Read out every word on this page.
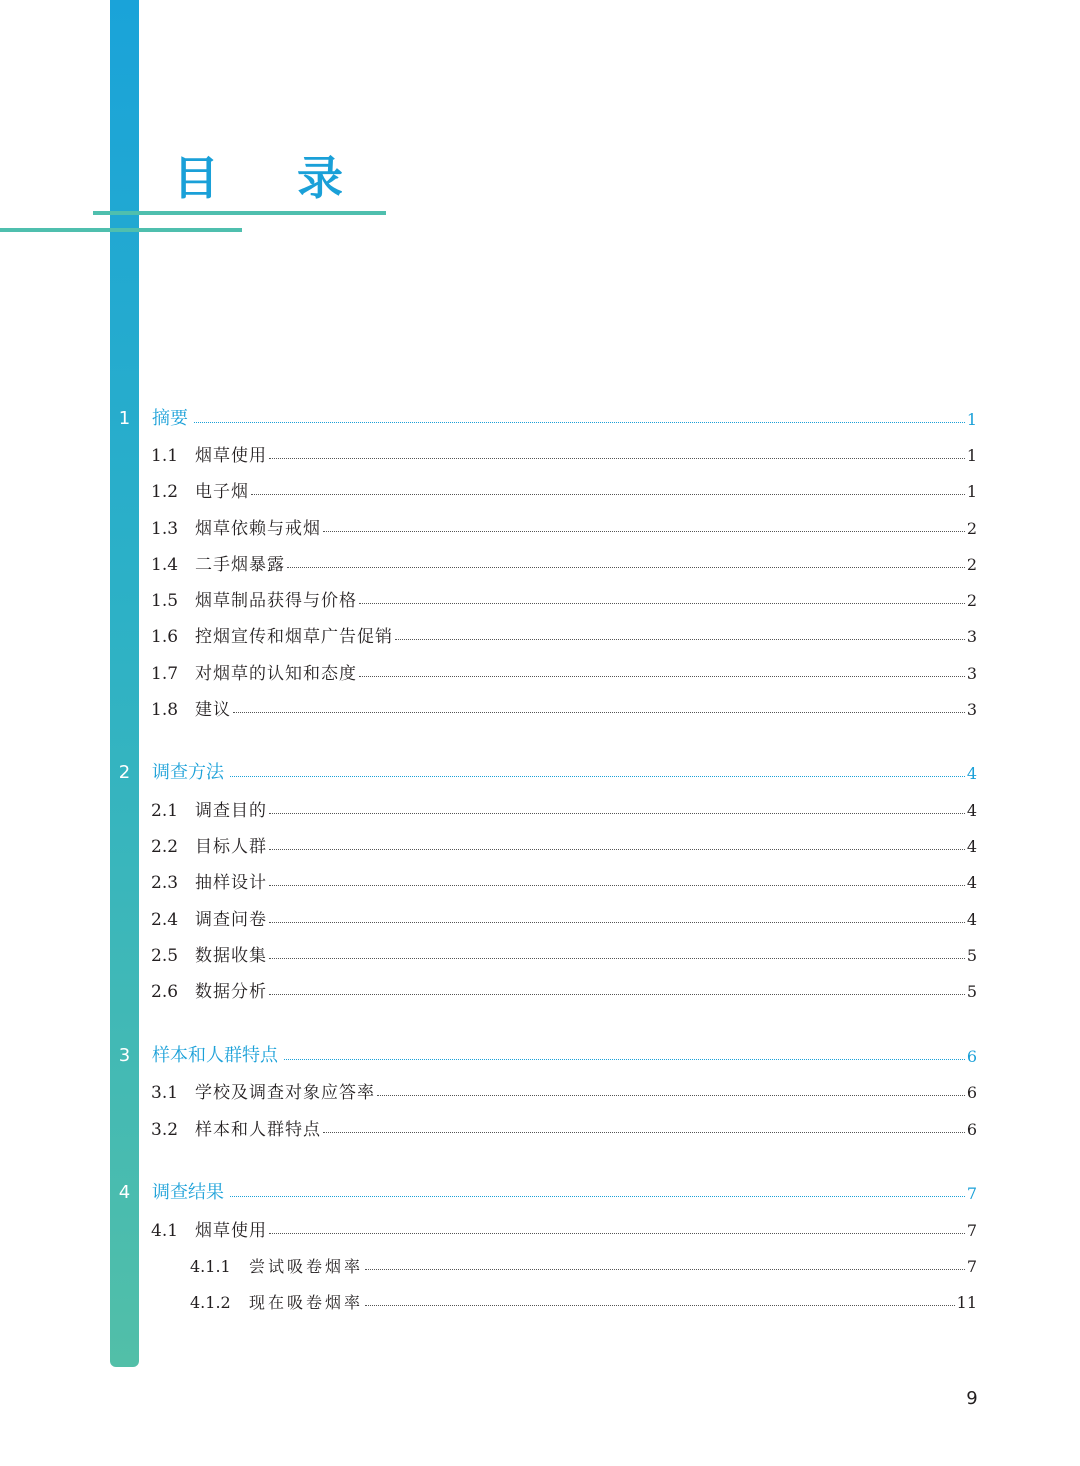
目 录
1	摘要	1
1.1 烟草使用	1
1.2 电子烟	1
1.3 烟草依赖与戒烟	2
1.4 二手烟暴露	2
1.5 烟草制品获得与价格	2
1.6 控烟宣传和烟草广告促销	3
1.7 对烟草的认知和态度	3
1.8 建议	3
2	调查方法	4
2.1 调查目的	4
2.2 目标人群	4
2.3 抽样设计	4
2.4 调查问卷	4
2.5 数据收集	5
2.6 数据分析	5
3	样本和人群特点	6
3.1 学校及调查对象应答率	6
3.2 样本和人群特点	6
4	调查结果	7
4.1 烟草使用	7
4.1.1 尝试吸卷烟率	7
4.1.2 现在吸卷烟率	11
9
